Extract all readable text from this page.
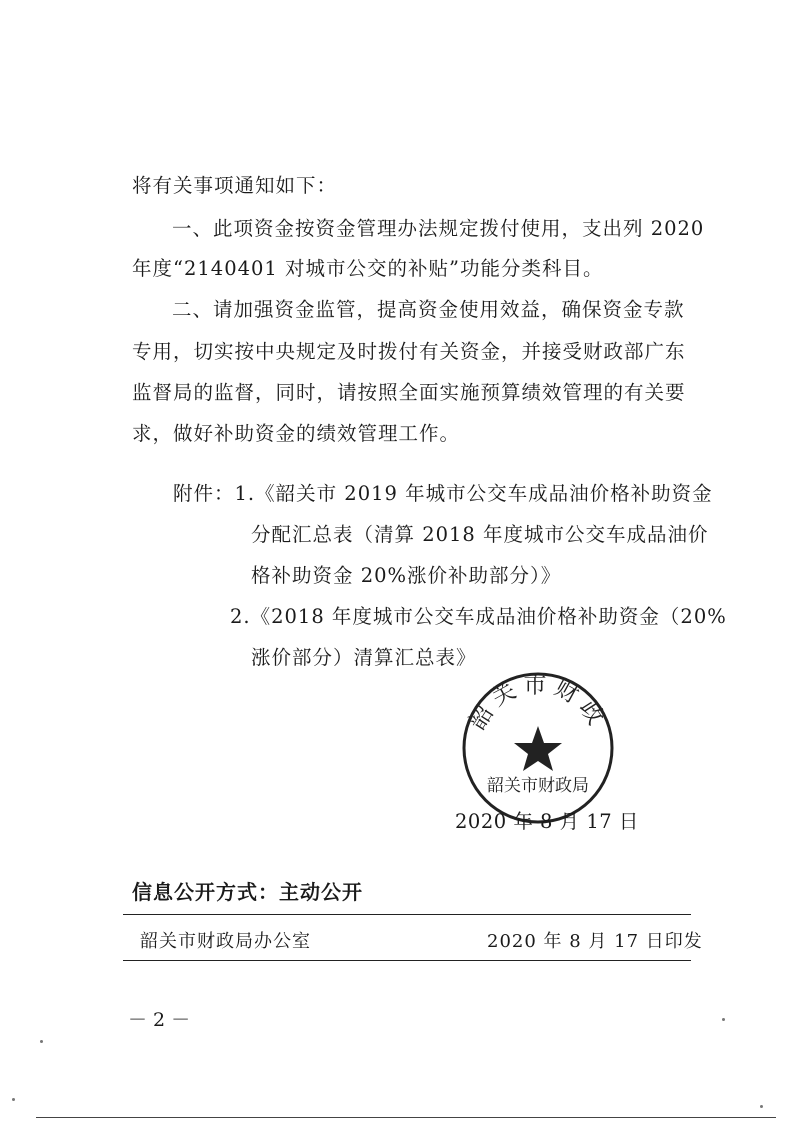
将有关事项通知如下：
一、此项资金按资金管理办法规定拨付使用，支出列 2020
年度“2140401 对城市公交的补贴”功能分类科目。
二、请加强资金监管，提高资金使用效益，确保资金专款
专用，切实按中央规定及时拨付有关资金，并接受财政部广东
监督局的监督，同时，请按照全面实施预算绩效管理的有关要
求，做好补助资金的绩效管理工作。
附件：1.《韶关市 2019 年城市公交车成品油价格补助资金
分配汇总表（清算 2018 年度城市公交车成品油价
格补助资金 20%涨价补助部分）》
2.《2018 年度城市公交车成品油价格补助资金（20%
涨价部分）清算汇总表》
韶关市财政
韶关市财政局
2020 年 8 月 17 日
信息公开方式：主动公开
韶关市财政局办公室	2020 年 8 月 17 日印发
－ 2 －
